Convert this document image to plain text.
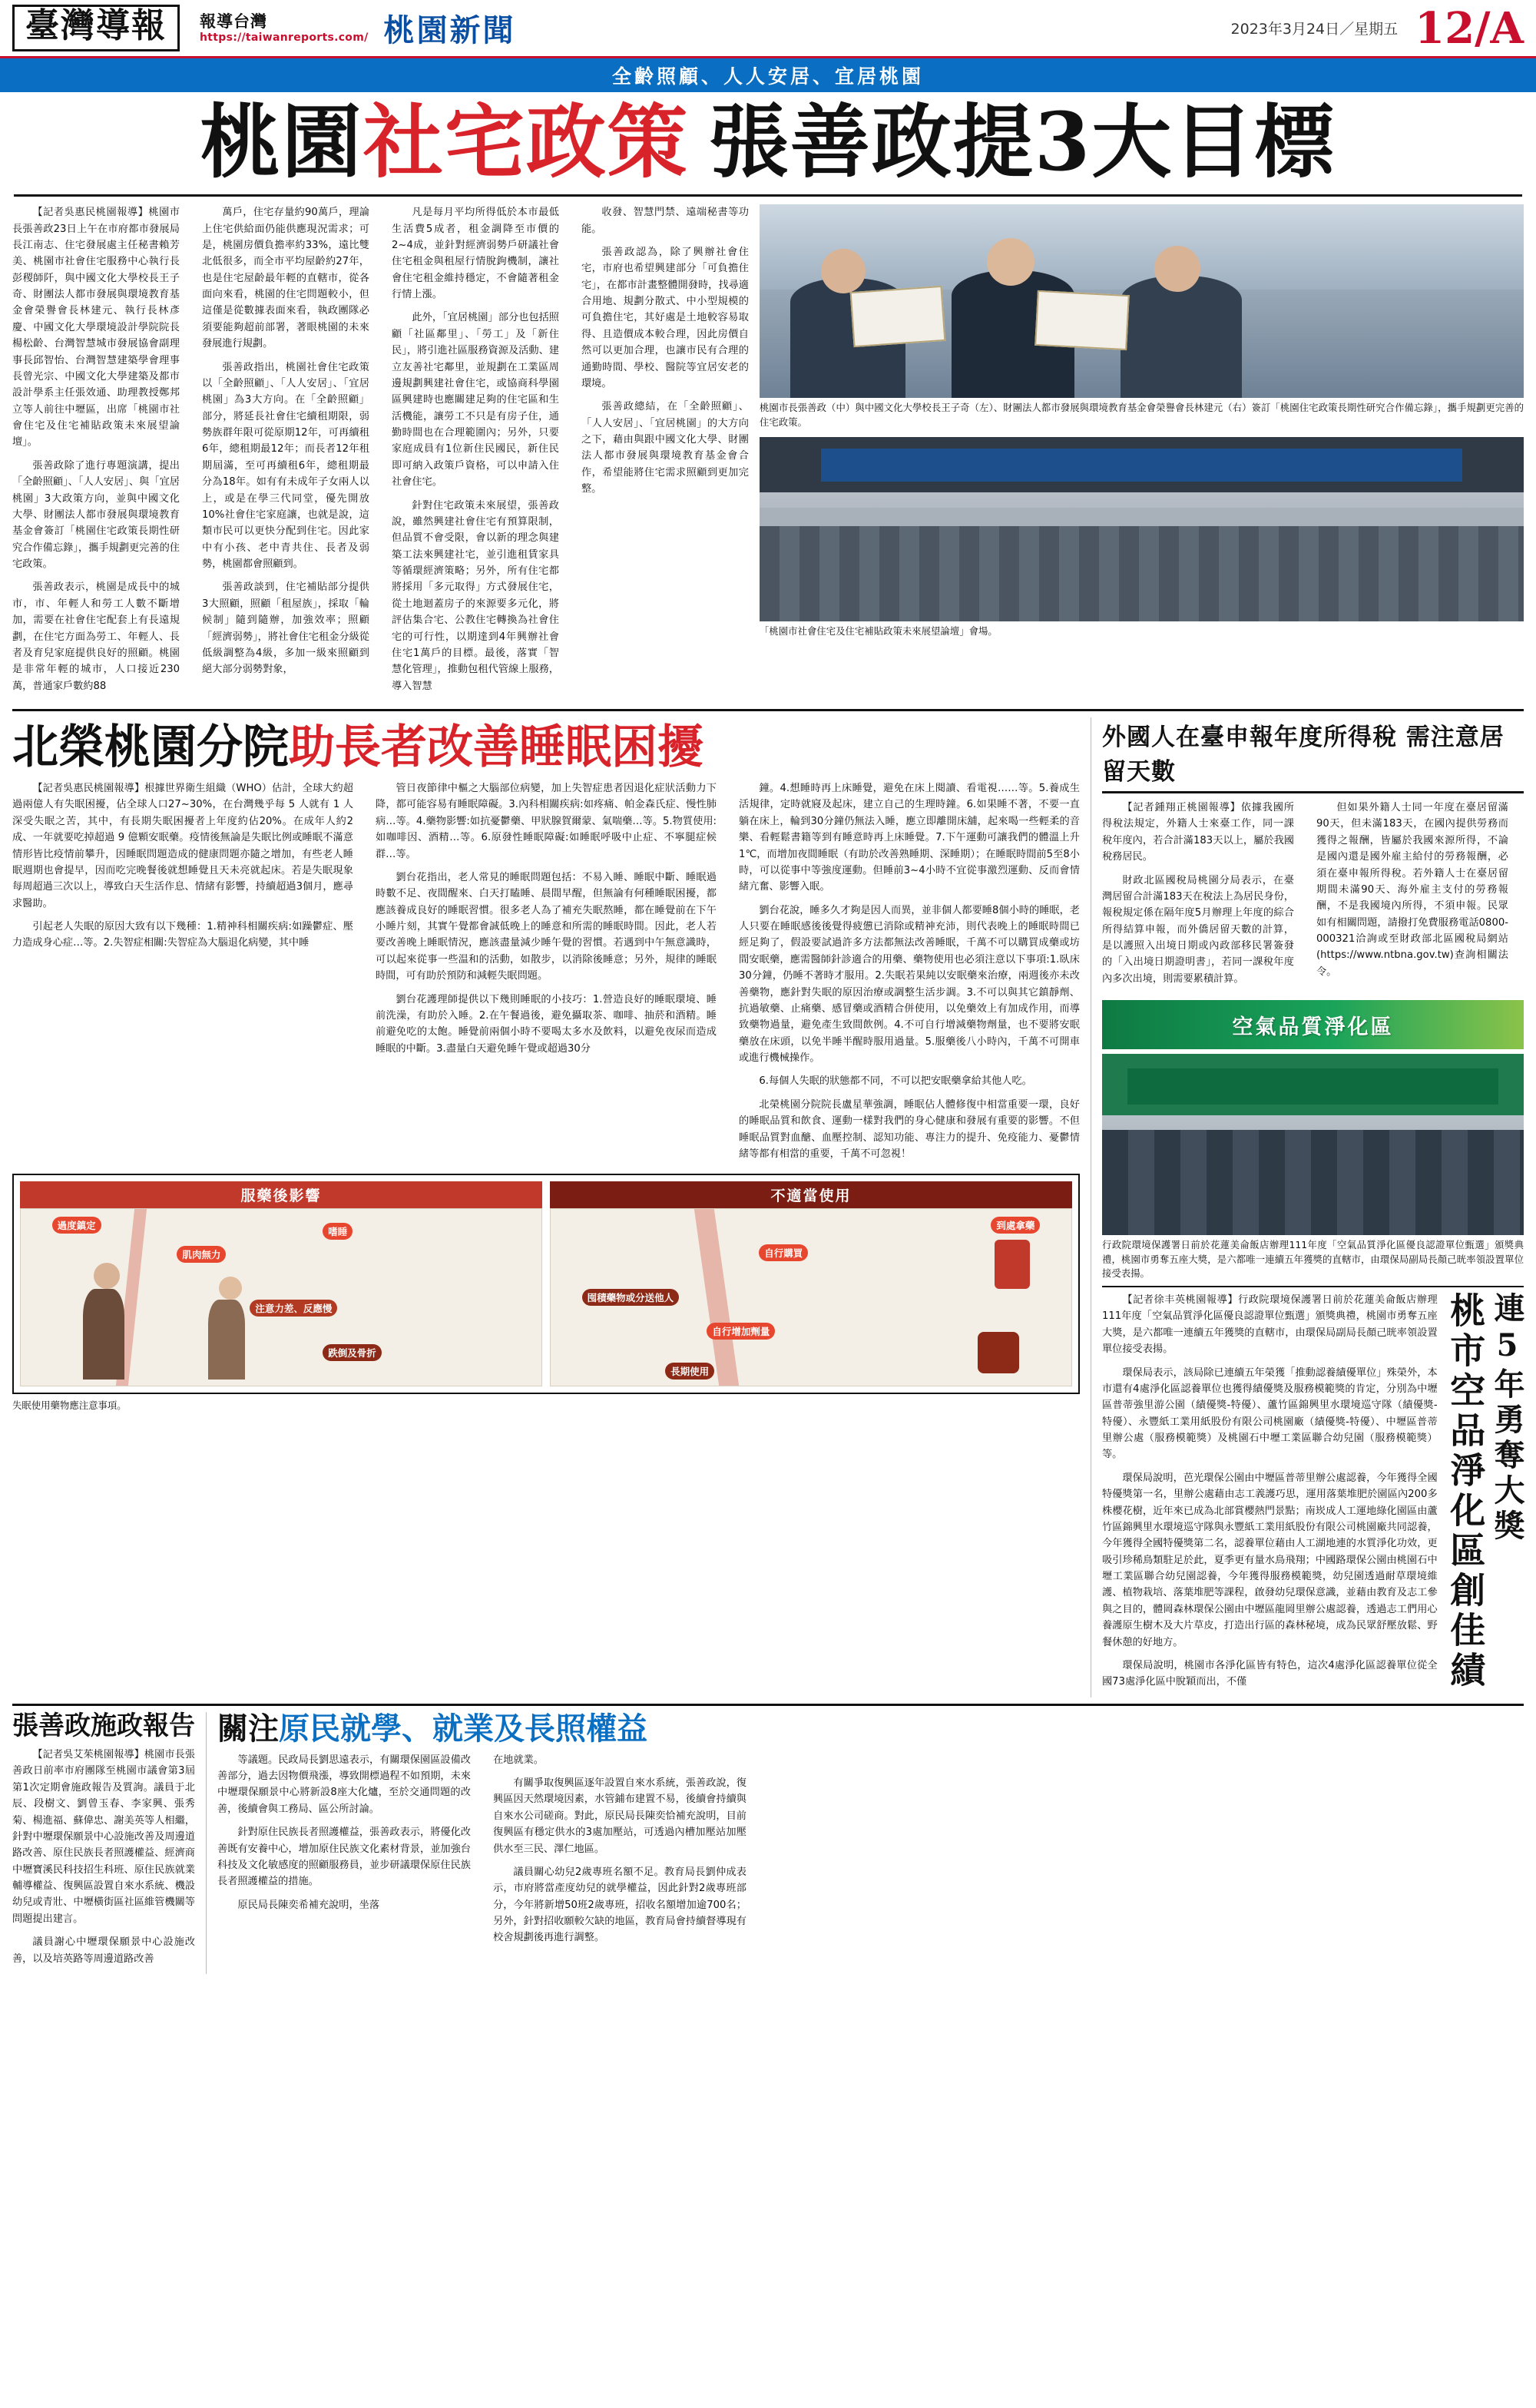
臺灣導報	報導台灣
https://taiwanreports.com/ 桃園新聞	2023年3月24日／星期五 12/A
全齡照顧、人人安居、宜居桃園
桃園 社宅政策 張善政提3大目標

【記者吳惠民桃園報導】桃園市長張善政23日上午在市府都市發展局長江南志、住宅發展處主任秘書賴芳美、桃園市社會住宅服務中心執行長彭稷師阡，與中國文化大學校長王子奇、財團法人都市發展與環境教育基金會榮譽會長林建元、執行長林彥慶、中國文化大學環境設計學院院長楊松齡、台灣智慧城市發展協會副理事長邱智怡、台灣智慧建築學會理事長曾光宗、中國文化大學建築及都市設計學系主任張效通、助理教授鄭邦立等人前往中壢區，出席「桃園市社會住宅及住宅補貼政策未來展望論壇」。

張善政除了進行專題演講，提出「全齡照顧」、「人人安居」、與「宜居桃園」3大政策方向，並與中國文化大學、財團法人都市發展與環境教育基金會簽訂「桃園住宅政策長期性研究合作備忘錄」，攜手規劃更完善的住宅政策。

張善政表示，桃園是成長中的城市，市、年輕人和勞工人數不斷增加，需要在社會住宅配套上有長遠規劃，在住宅方面為勞工、年輕人、長者及育兒家庭提供良好的照顧。桃園是非常年輕的城市，人口接近230萬，普通家戶數約88

萬戶，住宅存量約90萬戶，理論上住宅供給面仍能供應現況需求；可是，桃園房價負擔率約33%，遠比雙北低很多，而全市平均屋齡約27年，也是住宅屋齡最年輕的直轄市，從各面向來看，桃園的住宅問題較小，但這僅是從數據表面來看，執政團隊必須要能夠超前部署，著眼桃園的未來發展進行規劃。

張善政指出，桃園社會住宅政策以「全齡照顧」、「人人安居」、「宜居桃園」為3大方向。在「全齡照顧」部分，將延長社會住宅續租期限，弱勢族群年限可從原期12年，可再續租6年，總租期最12年；而長者12年租期屆滿，至可再續租6年，總租期最分為18年。如有有未成年子女兩人以上，或是在學三代同堂，優先開放10%社會住宅家庭讓，也就是說，這類市民可以更快分配到住宅。因此家中有小孩、老中青共住、長者及弱勢，桃園都會照顧到。

張善政談到，住宅補貼部分提供3大照顧，照顧「租屋族」，採取「輪候制」隨到隨辦，加強效率；照顧「經濟弱勢」，將社會住宅租金分級從低級調整為4級，多加一級來照顧到絕大部分弱勢對象，

凡是每月平均所得低於本市最低生活費5成者，租金調降至市價的2~4成，並針對經濟弱勢戶研議社會住宅租金與租屋行情脫鉤機制，讓社會住宅租金維持穩定，不會隨著租金行情上漲。

此外，「宜居桃園」部分也包括照顧「社區鄰里」、「勞工」及「新住民」，將引進社區服務資源及活動、建立友善社宅鄰里，並規劃在工業區周邊規劃興建社會住宅，或協商科學園區興建時也應關建足夠的住宅區和生活機能，讓勞工不只是有房子住，通勤時間也在合理範圍內；另外，只要家庭成員有1位新住民國民，新住民即可納入政策戶資格，可以申請入住社會住宅。

針對住宅政策未來展望，張善政說，雖然興建社會住宅有預算限制，但品質不會受限，會以新的理念與建築工法來興建社宅，並引進租賃家具等循環經濟策略；另外，所有住宅都將採用「多元取得」方式發展住宅，從土地迴蓋房子的來源要多元化，將評估集合宅、公教住宅轉換為社會住宅的可行性，以期達到4年興辦社會住宅1萬戶的目標。最後，落實「智慧化管理」，推動包租代管線上服務，導入智慧

收發、智慧門禁、遠端秘書等功能。

張善政認為，除了興辦社會住宅，市府也希望興建部分「可負擔住宅」，在都市計畫整體開發時，找尋適合用地、規劃分散式、中小型規模的可負擔住宅，其好處是土地較容易取得、且造價成本較合理，因此房價自然可以更加合理，也讓市民有合理的通勤時間、學校、醫院等宜居安老的環境。

張善政總結，在「全齡照顧」、「人人安居」、「宜居桃園」的大方向之下，藉由與跟中國文化大學、財團法人都市發展與環境教育基金會合作，希望能將住宅需求照顧到更加完整。

桃園市長張善政（中）與中國文化大學校長王子奇（左）、財團法人都市發展與環境教育基金會榮譽會長林建元（右）簽訂「桃園住宅政策長期性研究合作備忘錄」，攜手規劃更完善的住宅政策。
「桃園市社會住宅及住宅補貼政策未來展望論壇」會場。
北榮桃園分院 助長者改善睡眠困擾

【記者吳惠民桃園報導】根據世界衛生組織（WHO）估計，全球大約超過兩億人有失眠困擾，佔全球人口27~30%，在台灣幾乎每 5 人就有 1 人深受失眠之苦，其中，有長期失眠困擾者上年度約佔20%。在成年人約2成、一年就要吃掉超過 9 億顆安眠藥。疫情後無論是失眠比例或睡眠不滿意情形皆比疫情前攀升，因睡眠問題造成的健康問題亦隨之增加，有些老人睡眠週期也會提早，因而吃完晚餐後就想睡覺且天未亮就起床。若是失眠現象每周超過三次以上，導致白天生活作息、情緒有影響，持續超過3個月，應尋求醫助。

引起老人失眠的原因大致有以下幾種：1.精神科相關疾病:如躁鬱症、壓力造成身心症…等。2.失智症相關:失智症為大腦退化病變，其中睡

管日夜節律中樞之大腦部位病變，加上失智症患者因退化症狀活動力下降，都可能容易有睡眠障礙。3.內科相關疾病:如疼痛、帕金森氏症、慢性肺病…等。4.藥物影響:如抗憂鬱藥、甲狀腺賀爾蒙、氣喘藥…等。5.物質使用:如咖啡因、酒精…等。6.原發性睡眠障礙:如睡眠呼吸中止症、不寧腿症候群…等。

劉台花指出，老人常見的睡眠問題包括：不易入睡、睡眠中斷、睡眠過時數不足、夜間醒來、白天打瞌睡、晨間早醒，但無論有何種睡眠困擾，都應該養成良好的睡眠習慣。很多老人為了補充失眠熬睡，都在睡覺前在下午小睡片刻，其實午覺都會誠低晚上的睡意和所需的睡眠時間。因此，老人若要改善晚上睡眠情況，應該盡量減少睡午覺的習慣。若遇到中午無意識時，可以起來從事一些温和的活動，如散步，以消除後睡意；另外，規律的睡眠時間，可有助於預防和減輕失眠問題。

劉台花護理師提供以下幾則睡眠的小技巧：1.營造良好的睡眠環境、睡前洗澡，有助於入睡。2.在午餐過後，避免攝取茶、咖啡、抽菸和酒精。睡前避免吃的太飽。睡覺前兩個小時不要喝太多水及飲料，以避免夜尿而造成睡眠的中斷。3.盡量白天避免睡午覺或超過30分

鐘。4.想睡時再上床睡覺，避免在床上閱讀、看電視……等。5.養成生活規律，定時就寢及起床，建立自己的生理時鐘。6.如果睡不著，不要一直躺在床上，輪到30分鐘仍無法入睡，應立即離開床舖，起來喝一些輕柔的音樂、看輕鬆書籍等到有睡意時再上床睡覺。7.下午運動可讓我們的體溫上升1℃，而增加夜間睡眠（有助於改善熟睡期、深睡期）；在睡眠時間前5至8小時，可以從事中等強度運動。但睡前3~4小時不宜從事激烈運動、反而會情緒亢奮、影響入眠。

劉台花說，睡多久才夠是因人而異，並非個人都要睡8個小時的睡眠，老人只要在睡眠感後後覺得疲憊已消除或精神充沛，則代表晚上的睡眠時間已經足夠了，假設要試過許多方法都無法改善睡眠，千萬不可以購買成藥或坊間安眠藥，應需醫師針診適合的用藥、藥物使用也必須注意以下事項:1.臥床30分鐘，仍睡不著時才服用。2.失眠若果純以安眠藥來治療，兩週後亦未改善藥物，應針對失眠的原因治療或調整生活步調。3.不可以與其它鎮靜劑、抗過敏藥、止痛藥、感冒藥或酒精合併使用，以免藥效上有加成作用，而導致藥物過量，避免產生致間飲例。4.不可自行增減藥物劑量，也不要將安眠藥放在床頭，以免半睡半醒時服用過量。5.服藥後八小時內，千萬不可開車或進行機械操作。

6.每個人失眠的狀態都不同，不可以把安眠藥拿給其他人吃。

北榮桃園分院院長盧星華強調，睡眠佔人體修復中相當重要一環，良好的睡眠品質和飲食、運動一樣對我們的身心健康和發展有重要的影響。不但睡眠品質對血醣、血壓控制、認知功能、專注力的提升、免疫能力、憂鬱情緒等都有相當的重要，千萬不可忽視！

服藥後影響
過度鎮定
肌肉無力
嗜睡
注意力差、反應慢
跌倒及骨折
不適當使用
到處拿藥
自行購買
囤積藥物或分送他人
自行增加劑量
長期使用
失眠使用藥物應注意事項。
外國人在臺申報年度所得稅 需注意居留天數

【記者鍾翔正桃園報導】依據我國所得稅法規定，外籍人士來臺工作，同一課稅年度內，若合計滿183天以上，屬於我國稅務居民。

財政北區國稅局桃園分局表示，在臺灣居留合計滿183天在稅法上為居民身份，報稅規定係在隔年度5月辦理上年度的綜合所得結算申報，而外僑居留天數的計算，是以護照入出境日期或內政部移民署簽發的「入出境日期證明書」，若同一課稅年度內多次出境，則需要累積計算。

但如果外籍人士同一年度在臺居留滿90天，但未滿183天，在國內提供勞務而獲得之報酬，皆屬於我國來源所得，不論是國內還是國外雇主給付的勞務報酬，必須在臺申報所得稅。若外籍人士在臺居留期間未滿90天、海外雇主支付的勞務報酬，不是我國境內所得，不須申報。民眾如有相關問題，請撥打免費服務電話0800-000321洽詢或至財政部北區國稅局網站(https://www.ntbna.gov.tw)查詢相關法令。

空氣品質淨化區
行政院環境保護署日前於花蓮美侖飯店辦理111年度「空氣品質淨化區優良認證單位甄選」頒獎典禮，桃園市勇奪五座大獎，是六都唯一連續五年獲獎的直轄市，由環保局副局長顏己晄率領設置單位接受表揚。

【記者徐丰英桃園報導】行政院環境保護署日前於花蓮美侖飯店辦理111年度「空氣品質淨化區優良認證單位甄選」頒獎典禮，桃園市勇奪五座大獎，是六都唯一連續五年獲獎的直轄市，由環保局副局長顏己晄率領設置單位接受表揚。

環保局表示，該局除已連續五年榮獲「推動認養績優單位」殊榮外，本市還有4處淨化區認養單位也獲得績優獎及服務模範獎的肯定，分別為中壢區普蒂強里游公園（績優獎-特優）、蘆竹區錦興里水環境巡守隊（績優獎-特優）、永豐紙工業用紙股份有限公司桃園廠（績優獎-特優）、中壢區普蒂里辦公處（服務模範獎）及桃園石中壢工業區聯合幼兒園（服務模範獎）等。

環保局說明，芭光環保公園由中壢區普蒂里辦公處認養，今年獲得全國特優獎第一名，里辦公處藉由志工義護巧思，運用落葉堆肥於園區內200多株櫻花樹，近年來已成為北部賞櫻熱門景點；南崁成人工運地綠化園區由蘆竹區錦興里水環境巡守隊與永豐紙工業用紙股份有限公司桃園廠共同認養，今年獲得全國特優獎第二名，認養單位藉由人工湖地連的水質淨化功效，更吸引珍稀鳥類駐足於此，夏季更有量水鳥飛翔；中國路環保公園由桃園石中壢工業區聯合幼兒園認養，今年獲得服務模範獎，幼兒園透過耐草環境維護、植物栽培、落葉堆肥等課程，啟發幼兒環保意識，並藉由教育及志工參與之目的，體岡森林環保公園由中壢區龍岡里辦公處認養，透過志工們用心養護原生樹木及大片草皮，打造出行區的森林秘境，成為民眾舒壓放鬆、野餐休憩的好地方。

環保局說明，桃園市各淨化區皆有特色，這次4處淨化區認養單位從全國73處淨化區中脫穎而出，不僅	桃市空品淨化區創佳績 連5年勇奪大獎
張善政施政報告

【記者吳艾茱桃園報導】桃園市長張善政日前率市府團隊至桃園市議會第3屆第1次定期會施政報告及質詢。議員于北辰、段樹文、劉曾玉春、李家興、張秀菊、楊進福、蘇偉忠、謝美英等人相繼，針對中壢環保願景中心設施改善及周邊道路改善、原住民族長者照護權益、經濟商中壢寶溪民科技招生科班、原住民族就業輔導權益、復興區設置自來水系統、機設幼兒或青壯、中壢橫街區社區維管機關等問題提出建言。

議員謝心中壢環保願景中心設施改善，以及培英路等周邊道路改善

關注原民就學、就業及長照權益

等議題。民政局長劉思遠表示，有關環保園區設備改善部分，過去因物價飛漲，導致開標過程不如預期，未來中壢環保願景中心將新設8座大化爐，至於交通問題的改善，後續會與工務局、區公所討論。

針對原住民族長者照護權益，張善政表示，將優化改善既有安養中心，增加原住民族文化素材背景，並加強台科技及文化敏感度的照顧服務員，並步研議環保原住民族長者照護權益的措施。

原民局長陳奕希補充說明，坐落

在地就業。

有關爭取復興區逐年設置自來水系統，張善政說，復興區因天然環境因素，水管鋪布建置不易，後續會持續與自來水公司磋商。對此，原民局長陳奕恰補充說明，目前復興區有穩定供水的3處加壓站，可透過內槽加壓站加壓供水至三民、澤仁地區。

議員關心幼兒2歲專班名額不足。教育局長劉仲成表示，市府將當產度幼兒的就學權益，因此針對2歲專班部分，今年將新增50班2歲專班，招收名額增加逾700名；另外，針對招收願較欠缺的地區，教育局會持續督導現有校舍規劃後再進行調整。
